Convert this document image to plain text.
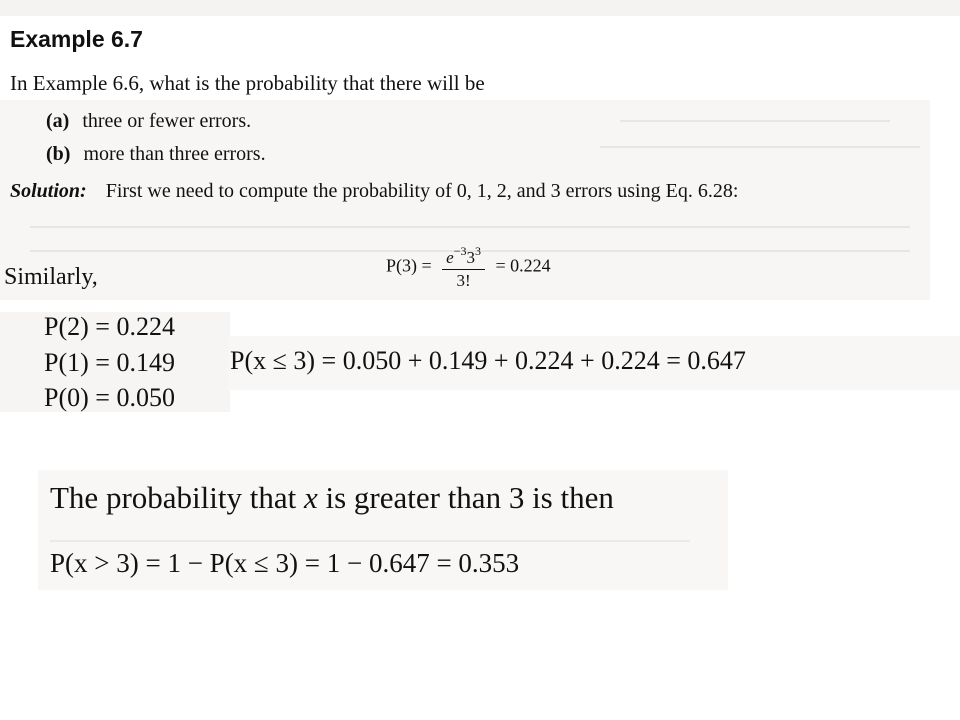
Example 6.7
In Example 6.6, what is the probability that there will be
(a) three or fewer errors.
(b) more than three errors.
Solution: First we need to compute the probability of 0, 1, 2, and 3 errors using Eq. 6.28:
$P(3) = \frac{e^{-3}3^3}{3!} = 0.224$
Similarly,
P(2) = 0.224
P(1) = 0.149
P(0) = 0.050
P(x ≤ 3) = 0.050 + 0.149 + 0.224 + 0.224 = 0.647
The probability that x is greater than 3 is then
P(x > 3) = 1 − P(x ≤ 3) = 1 − 0.647 = 0.353
